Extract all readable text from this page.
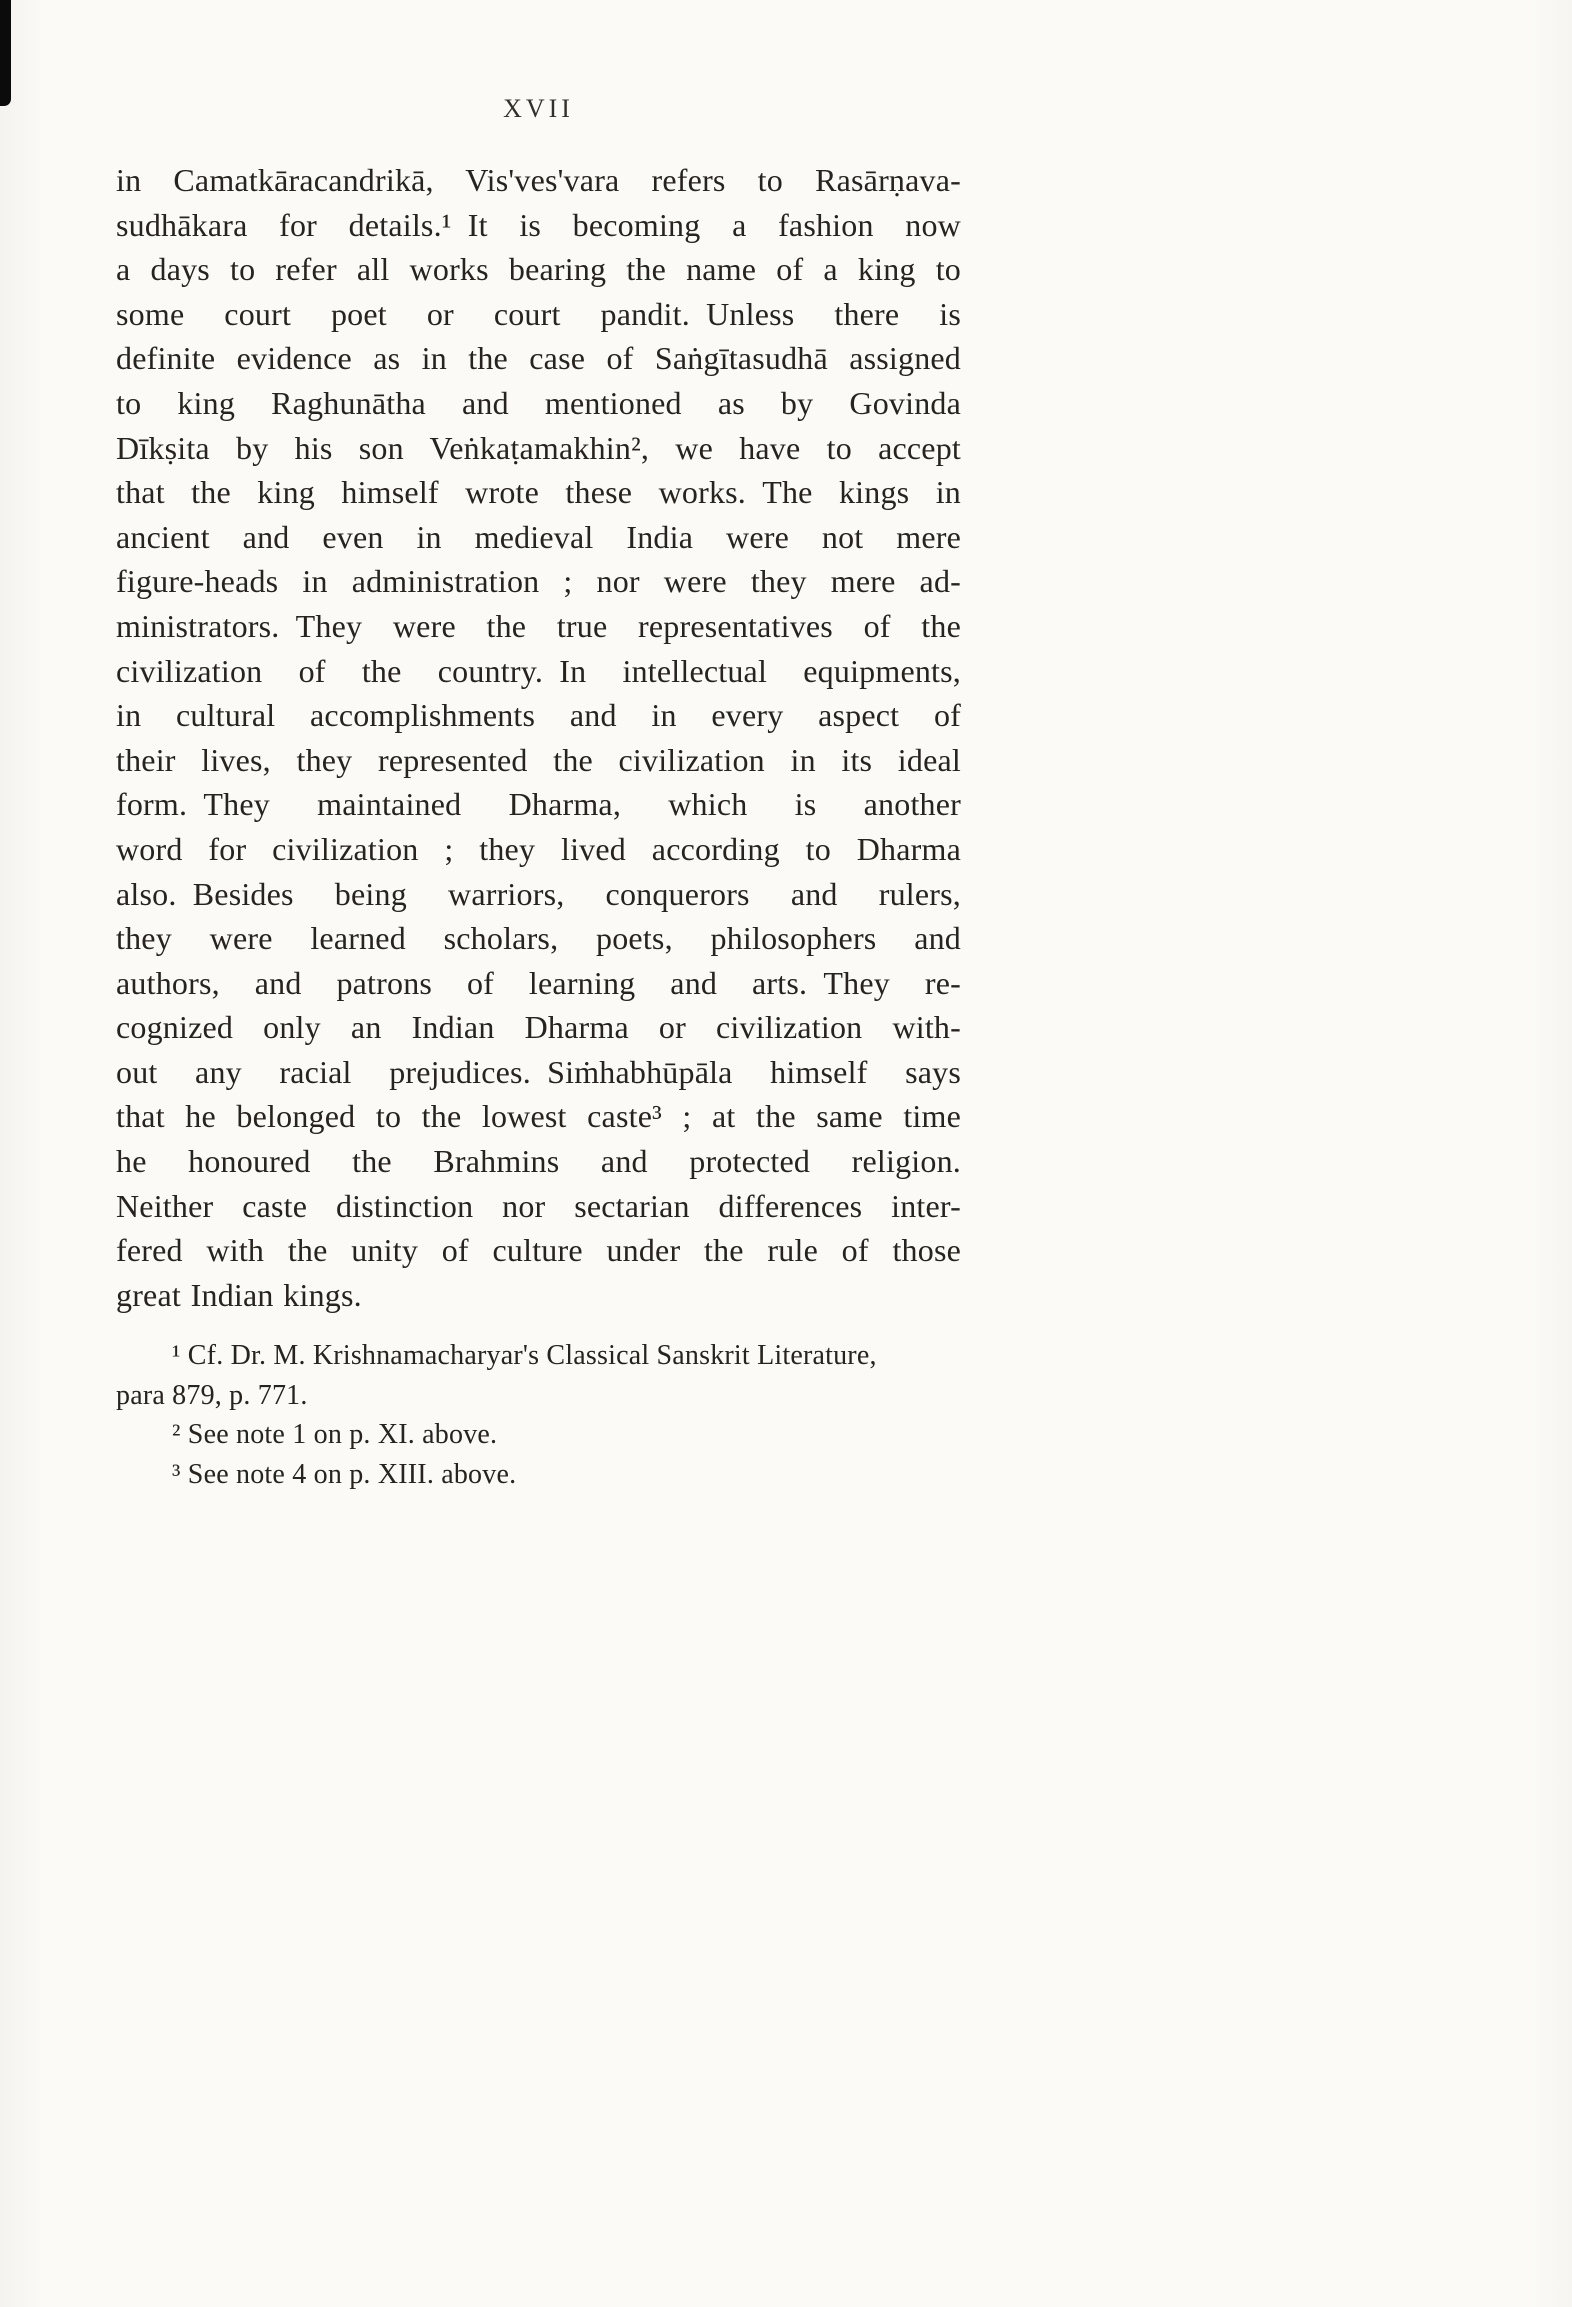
XVII
in Camatkāracandrikā, Vis'ves'vara refers to Rasārṇava-
sudhākara for details.¹ It is becoming a fashion now
a days to refer all works bearing the name of a king to
some court poet or court pandit. Unless there is
definite evidence as in the case of Saṅgītasudhā assigned
to king Raghunātha and mentioned as by Govinda
Dīkṣita by his son Veṅkaṭamakhin², we have to accept
that the king himself wrote these works. The kings in
ancient and even in medieval India were not mere
figure-heads in administration ; nor were they mere ad-
ministrators. They were the true representatives of the
civilization of the country. In intellectual equipments,
in cultural accomplishments and in every aspect of
their lives, they represented the civilization in its ideal
form. They maintained Dharma, which is another
word for civilization ; they lived according to Dharma
also. Besides being warriors, conquerors and rulers,
they were learned scholars, poets, philosophers and
authors, and patrons of learning and arts. They re-
cognized only an Indian Dharma or civilization with-
out any racial prejudices. Siṁhabhūpāla himself says
that he belonged to the lowest caste³ ; at the same time
he honoured the Brahmins and protected religion.
Neither caste distinction nor sectarian differences inter-
fered with the unity of culture under the rule of those
great Indian kings.
¹ Cf. Dr. M. Krishnamacharyar's Classical Sanskrit Literature,
para 879, p. 771.
² See note 1 on p. XI. above.
³ See note 4 on p. XIII. above.
